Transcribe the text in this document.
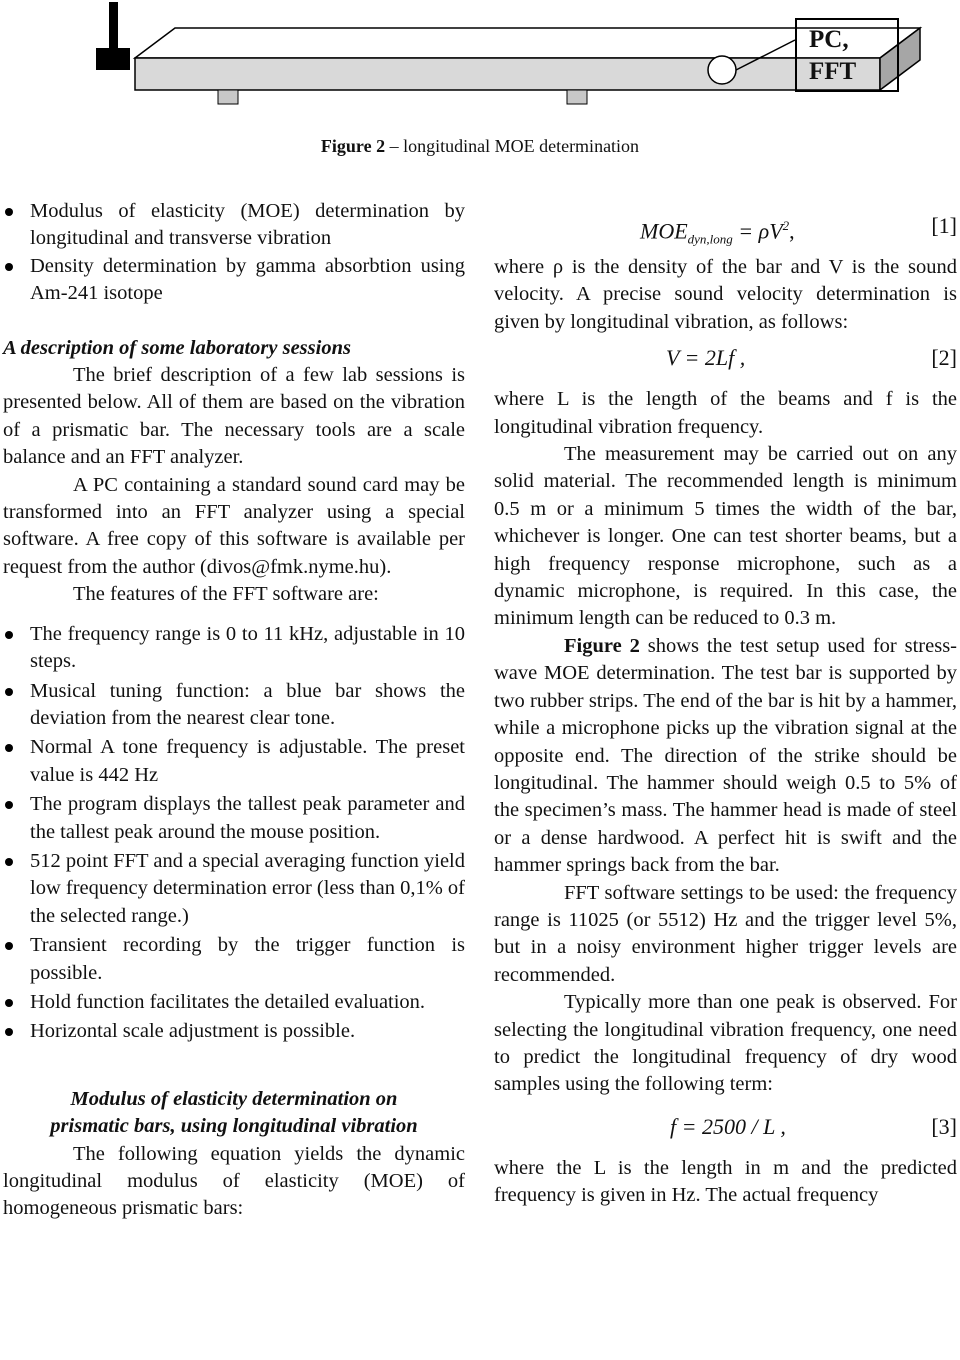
PC,
FFT
Figure 2 – longitudinal MOE determination
Modulus of elasticity (MOE) determination by longitudinal and transverse vibration
Density determination by gamma absorbtion using Am-241 isotope

A description of some laboratory sessions

The brief description of a few lab sessions is presented below. All of them are based on the vibration of a prismatic bar. The necessary tools are a scale balance and an FFT analyzer.

A PC containing a standard sound card may be transformed into an FFT analyzer using a special software. A free copy of this software is available per request from the author (divos@fmk.nyme.hu).

The features of the FFT software are:

The frequency range is 0 to 11 kHz, adjustable in 10 steps.
Musical tuning function: a blue bar shows the deviation from the nearest clear tone.
Normal A tone frequency is adjustable. The preset value is 442 Hz
The program displays the tallest peak parameter and the tallest peak around the mouse position.
512 point FFT and a special averaging function yield low frequency determination error (less than 0,1% of the selected range.)
Transient recording by the trigger function is possible.
Hold function facilitates the detailed evaluation.
Horizontal scale adjustment is possible.

Modulus of elasticity determination on

prismatic bars, using longitudinal vibration

The following equation yields the dynamic longitudinal modulus of elasticity (MOE) of homogeneous prismatic bars:

$MOE_{dyn,long} = \rho V^2$,	[1]

where ρ is the density of the bar and V is the sound velocity. A precise sound velocity determination is given by longitudinal vibration, as follows:

V = 2Lf ,	[2]

where L is the length of the beams and f is the longitudinal vibration frequency.

The measurement may be carried out on any solid material. The recommended length is minimum 0.5 m or a minimum 5 times the width of the bar, whichever is longer. One can test shorter beams, but a high frequency response microphone, such as a dynamic microphone, is required. In this case, the minimum length can be reduced to 0.3 m.

Figure 2 shows the test setup used for stress-wave MOE determination. The test bar is supported by two rubber strips. The end of the bar is hit by a hammer, while a microphone picks up the vibration signal at the opposite end. The direction of the strike should be longitudinal. The hammer should weigh 0.5 to 5% of the specimen’s mass. The hammer head is made of steel or a dense hardwood. A perfect hit is swift and the hammer springs back from the bar.

FFT software settings to be used: the frequency range is 11025 (or 5512) Hz and the trigger level 5%, but in a noisy environment higher trigger levels are recommended.

Typically more than one peak is observed. For selecting the longitudinal vibration frequency, one need to predict the longitudinal frequency of dry wood samples using the following term:

f = 2500 / L ,	[3]

where the L is the length in m and the predicted frequency is given in Hz. The actual frequency
